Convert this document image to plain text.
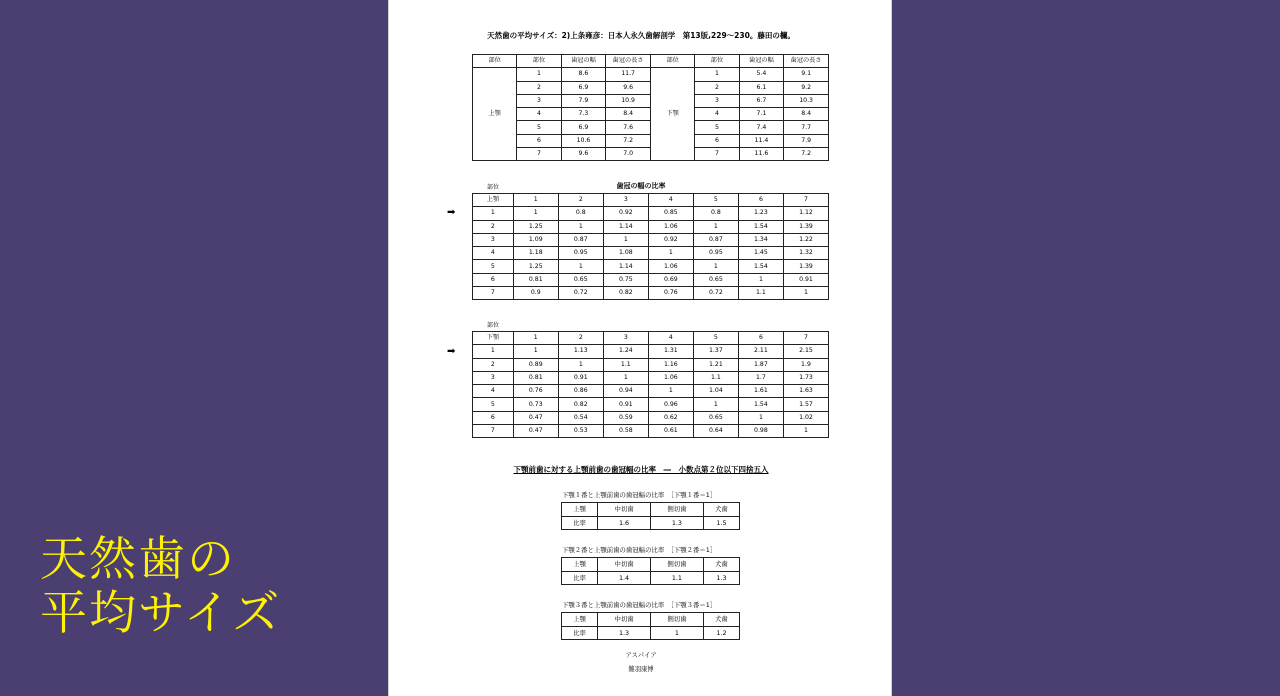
天然歯の
平均サイズ
天然歯の平均サイズ：2)上条雍彦：日本人永久歯解剖学　第13版,229～230。藤田の欄。
部位	部位	歯冠の幅	歯冠の長さ	部位	部位	歯冠の幅	歯冠の長さ
上顎	1	8.6	11.7	下顎	1	5.4	9.1
	2	6.9	9.6		2	6.1	9.2
	3	7.9	10.9		3	6.7	10.3
	4	7.3	8.4		4	7.1	8.4
	5	6.9	7.6		5	7.4	7.7
	6	10.6	7.2		6	11.4	7.9
	7	9.6	7.0		7	11.6	7.2
部位	歯冠の幅の比率
➡
上顎	1	2	3	4	5	6	7
1	1	0.8	0.92	0.85	0.8	1.23	1.12
2	1.25	1	1.14	1.06	1	1.54	1.39
3	1.09	0.87	1	0.92	0.87	1.34	1.22
4	1.18	0.95	1.08	1	0.95	1.45	1.32
5	1.25	1	1.14	1.06	1	1.54	1.39
6	0.81	0.65	0.75	0.69	0.65	1	0.91
7	0.9	0.72	0.82	0.76	0.72	1.1	1
部位
➡
下顎	1	2	3	4	5	6	7
1	1	1.13	1.24	1.31	1.37	2.11	2.15
2	0.89	1	1.1	1.16	1.21	1.87	1.9
3	0.81	0.91	1	1.06	1.1	1.7	1.73
4	0.76	0.86	0.94	1	1.04	1.61	1.63
5	0.73	0.82	0.91	0.96	1	1.54	1.57
6	0.47	0.54	0.59	0.62	0.65	1	1.02
7	0.47	0.53	0.58	0.61	0.64	0.98	1
下顎前歯に対する上顎前歯の歯冠幅の比率　―　小数点第２位以下四捨五入
下顎１番と上顎前歯の歯冠幅の比率　［下顎１番＝1］
上顎	中切歯	側切歯	犬歯
比率	1.6	1.3	1.5
下顎２番と上顎前歯の歯冠幅の比率　［下顎２番＝1］
上顎	中切歯	側切歯	犬歯
比率	1.4	1.1	1.3
下顎３番と上顎前歯の歯冠幅の比率　［下顎３番＝1］
上顎	中切歯	側切歯	犬歯
比率	1.3	1	1.2
アスパイア
難羽康博
